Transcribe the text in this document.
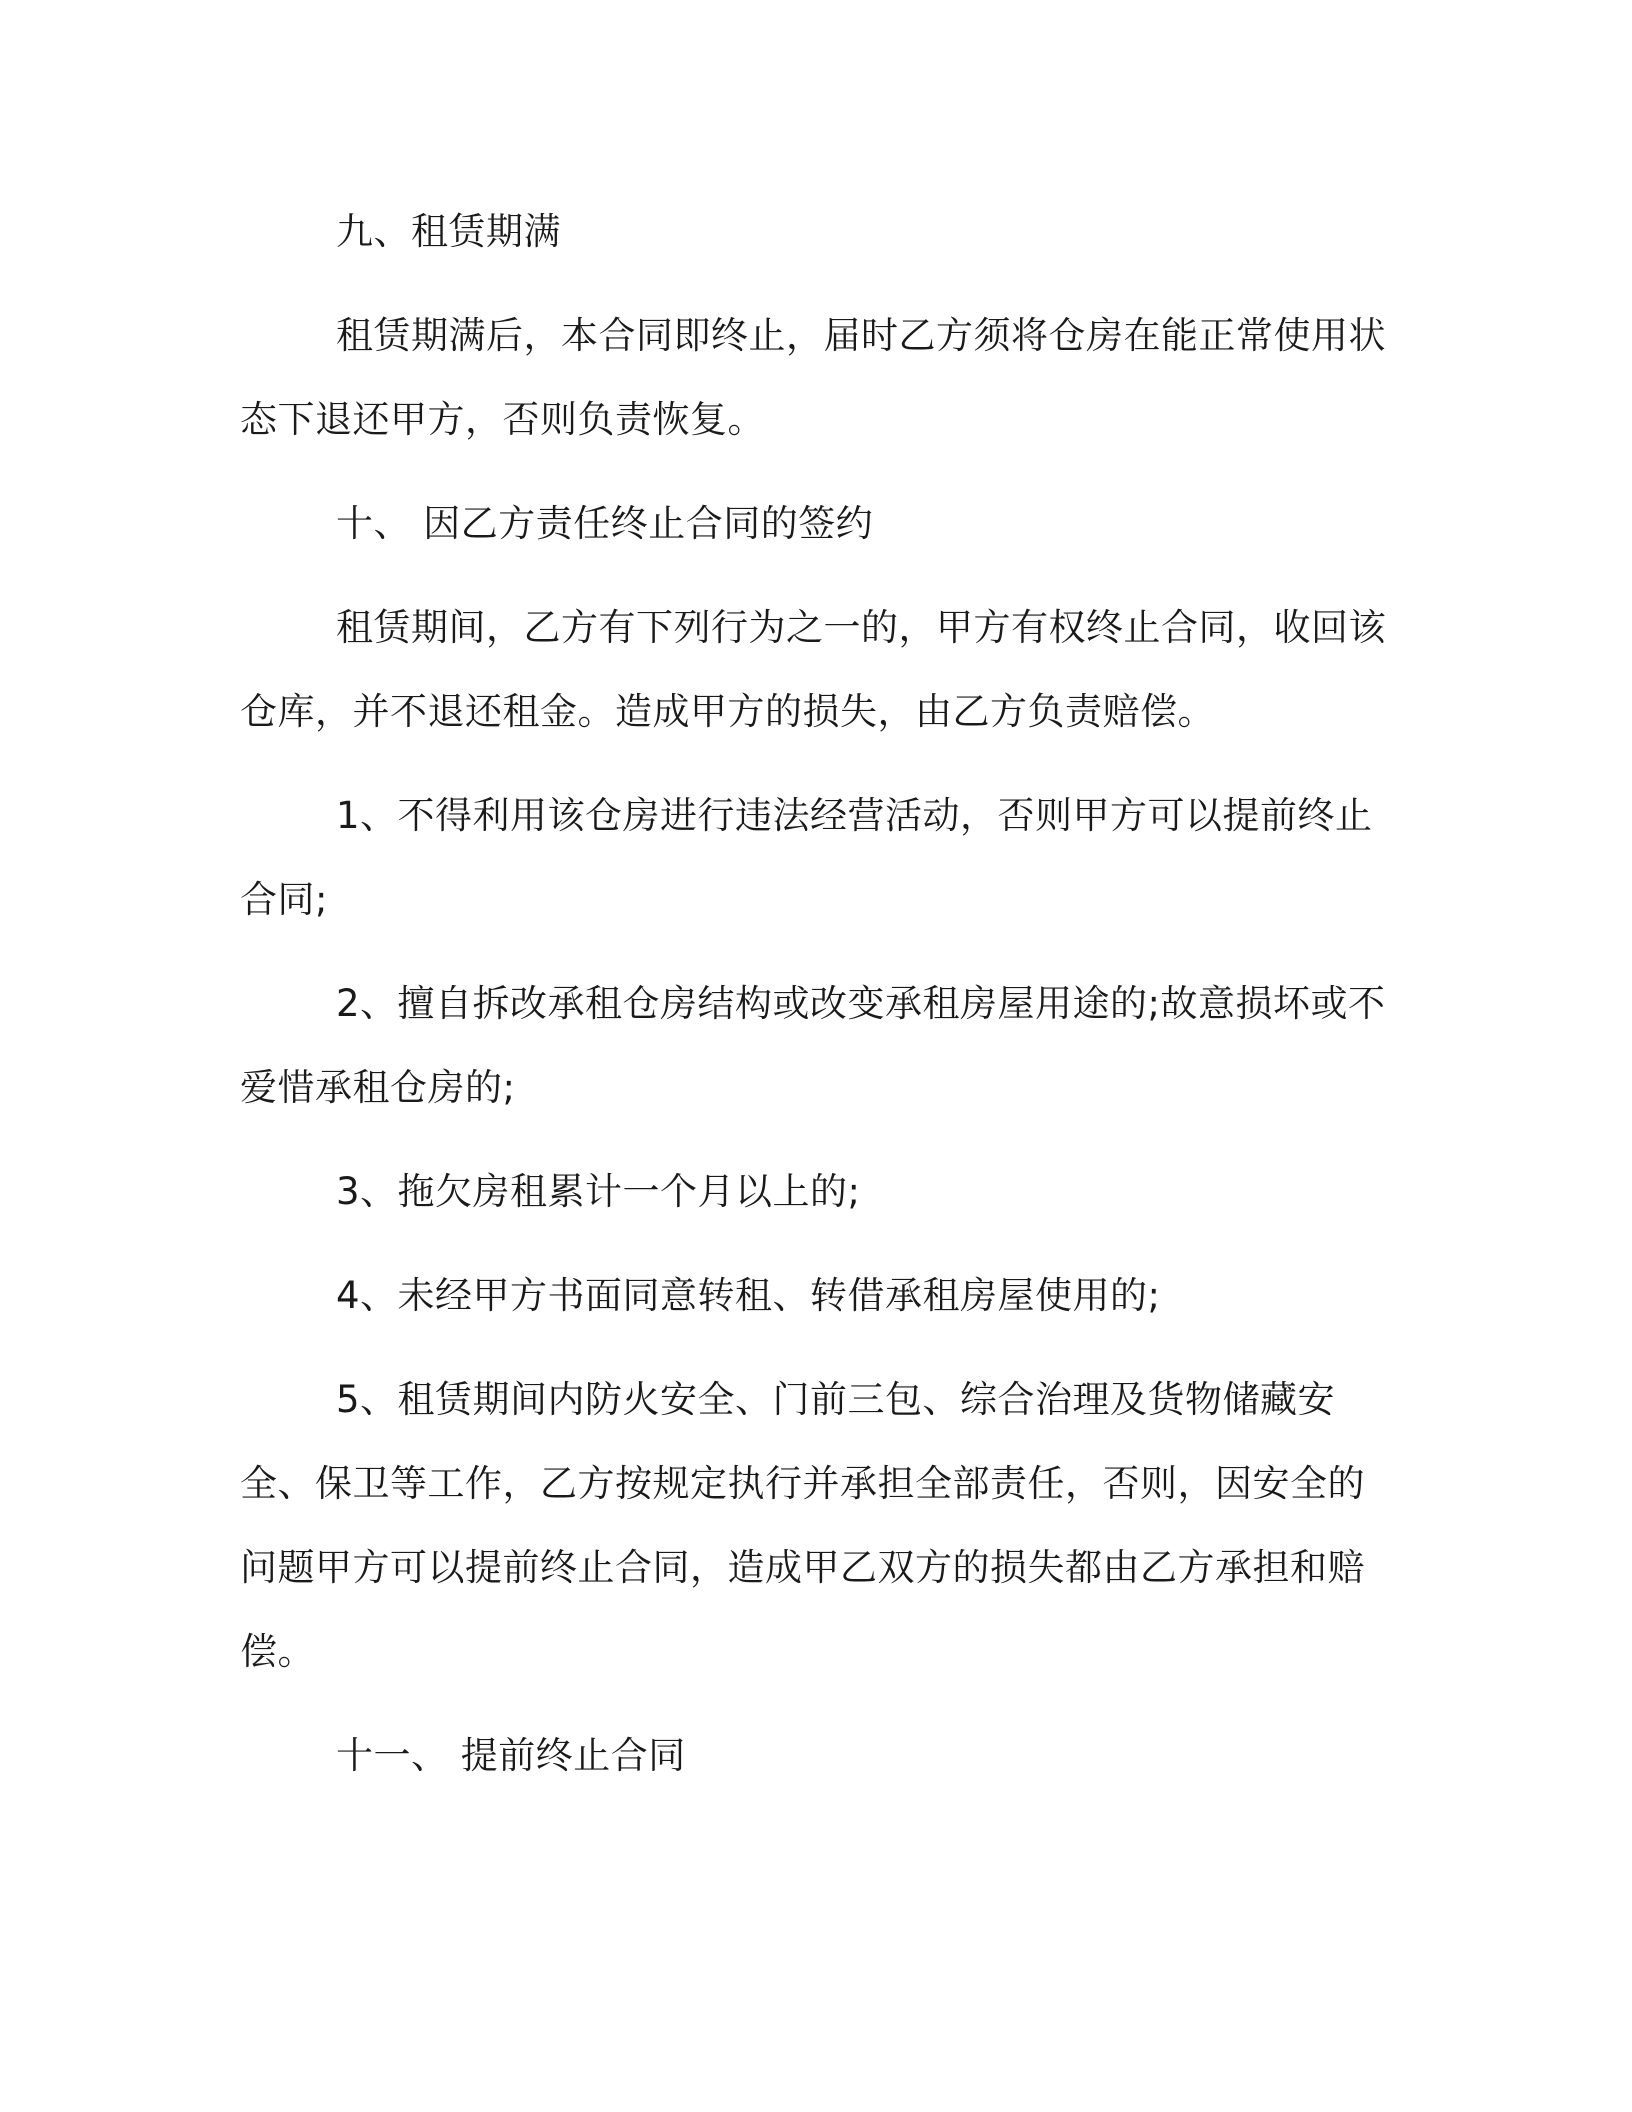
九、租赁期满

租赁期满后，本合同即终止，届时乙方须将仓房在能正常使用状态下退还甲方，否则负责恢复。

十、 因乙方责任终止合同的签约

租赁期间，乙方有下列行为之一的，甲方有权终止合同，收回该仓库，并不退还租金。造成甲方的损失，由乙方负责赔偿。

1、不得利用该仓房进行违法经营活动，否则甲方可以提前终止合同;

2、擅自拆改承租仓房结构或改变承租房屋用途的;故意损坏或不爱惜承租仓房的;

3、拖欠房租累计一个月以上的;

4、未经甲方书面同意转租、转借承租房屋使用的;

5、租赁期间内防火安全、门前三包、综合治理及货物储藏安全、保卫等工作，乙方按规定执行并承担全部责任，否则，因安全的问题甲方可以提前终止合同，造成甲乙双方的损失都由乙方承担和赔偿。

十一、 提前终止合同
